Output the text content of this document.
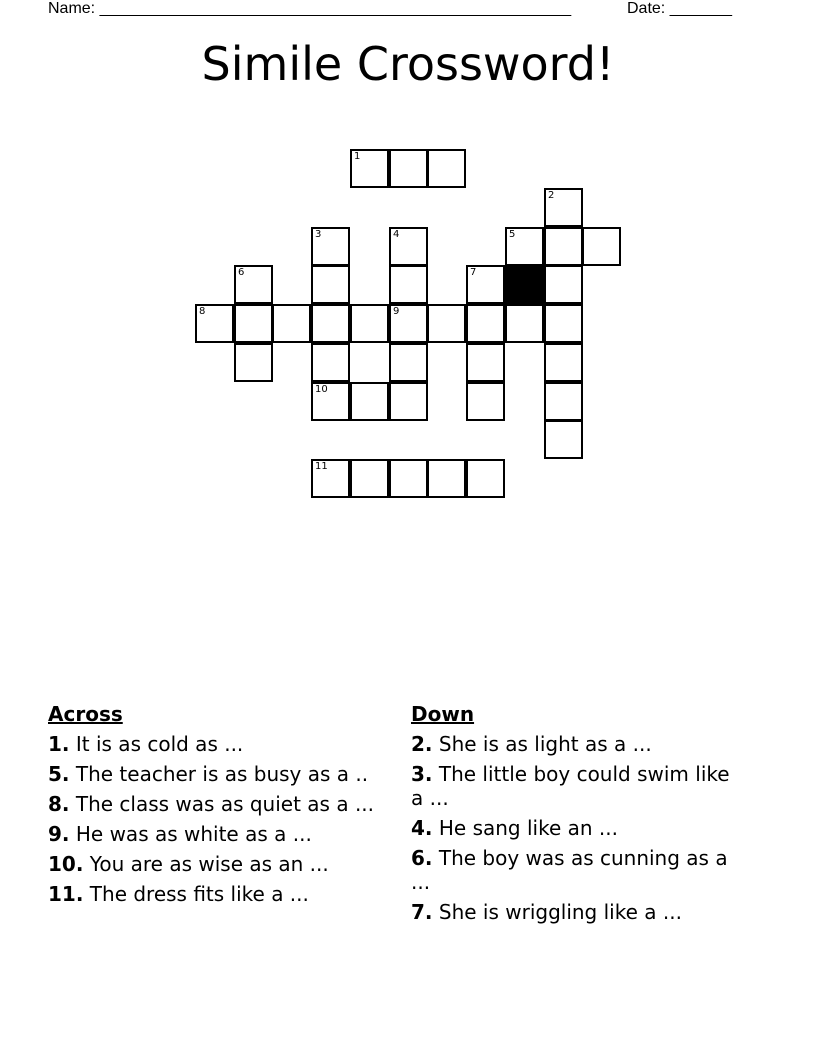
Name: _____________________________________________________	Date: _______
Simile Crossword!
1
2
3	4	5
6	7
8	9
10
11
Across
1. It is as cold as ...
5. The teacher is as busy as a ..
8. The class was as quiet as a ...
9. He was as white as a ...
10. You are as wise as an ...
11. The dress fits like a ...
Down
2. She is as light as a ...
3. The little boy could swim like a ...
4. He sang like an ...
6. The boy was as cunning as a ...
7. She is wriggling like a ...
